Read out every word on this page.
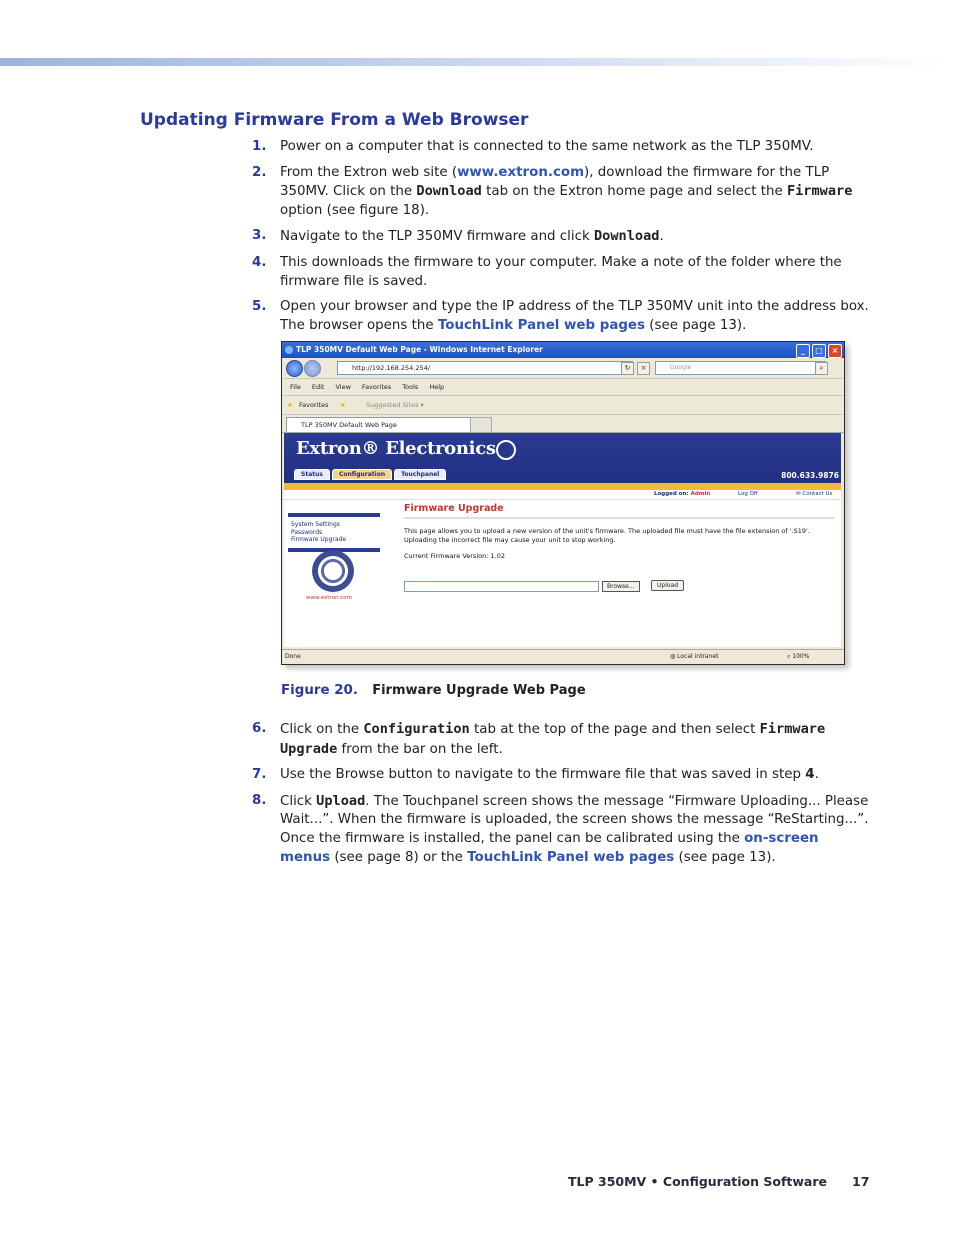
Updating Firmware From a Web Browser
1. Power on a computer that is connected to the same network as the TLP 350MV.
2. From the Extron web site (www.extron.com), download the firmware for the TLP 350MV. Click on the Download tab on the Extron home page and select the Firmware option (see figure 18).
3. Navigate to the TLP 350MV firmware and click Download.
4. This downloads the firmware to your computer. Make a note of the folder where the firmware file is saved.
5. Open your browser and type the IP address of the TLP 350MV unit into the address box. The browser opens the TouchLink Panel web pages (see page 13).
TLP 350MV Default Web Page - Windows Internet Explorer	_	□	×
http://192.168.254.254/	↻	×	Google	⌕
File Edit View Favorites Tools Help
★ Favorites ★	Suggested Sites ▾
TLP 350MV Default Web Page
Extron® Electronics
Status	Configuration	Touchpanel	800.633.9876
Logged on: Admin	Log Off	✉ Contact Us
System Settings
Passwords
Firmware Upgrade
www.extron.com
Firmware Upgrade

This page allows you to upload a new version of the unit's firmware. The uploaded file must have the file extension of '.S19'. Uploading the incorrect file may cause your unit to stop working.

Current Firmware Version: 1.02

Browse...	Upload
Done	◍ Local intranet	⌕ 100%
Figure 20. Firmware Upgrade Web Page
6. Click on the Configuration tab at the top of the page and then select Firmware Upgrade from the bar on the left.
7. Use the Browse button to navigate to the firmware file that was saved in step 4.
8. Click Upload. The Touchpanel screen shows the message “Firmware Uploading... Please Wait...”. When the firmware is uploaded, the screen shows the message “ReStarting...”. Once the firmware is installed, the panel can be calibrated using the on-screen menus (see page 8) or the TouchLink Panel web pages (see page 13).
TLP 350MV • Configuration Software 17
